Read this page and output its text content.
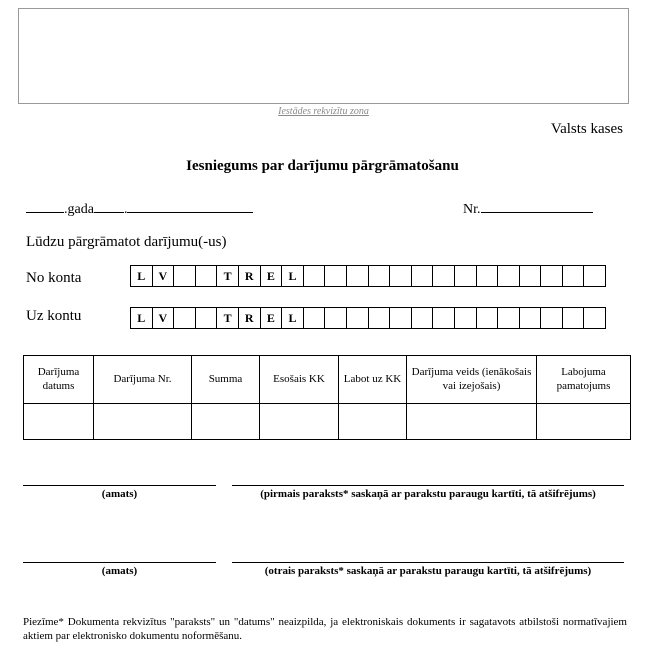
Iestādes rekvizītu zona
Valsts kases
Iesniegums par darījumu pārgrāmatošanu
.gada .	Nr.
Lūdzu pārgrāmatot darījumu(-us)
No konta	L	V	T	R	E	L
Uz kontu	L	V	T	R	E	L
Darījuma datums	Darījuma Nr.	Summa	Esošais KK	Labot uz KK	Darījuma veids (ienākošais vai izejošais)	Labojuma pamatojums

(amats)	(pirmais paraksts* saskaņā ar parakstu paraugu kartīti, tā atšifrējums)
(amats)	(otrais paraksts* saskaņā ar parakstu paraugu kartīti, tā atšifrējums)
Piezīme* Dokumenta rekvizītus "paraksts" un "datums" neaizpilda, ja elektroniskais dokuments ir sagatavots atbilstoši normatīvajiem aktiem par elektronisko dokumentu noformēšanu.
